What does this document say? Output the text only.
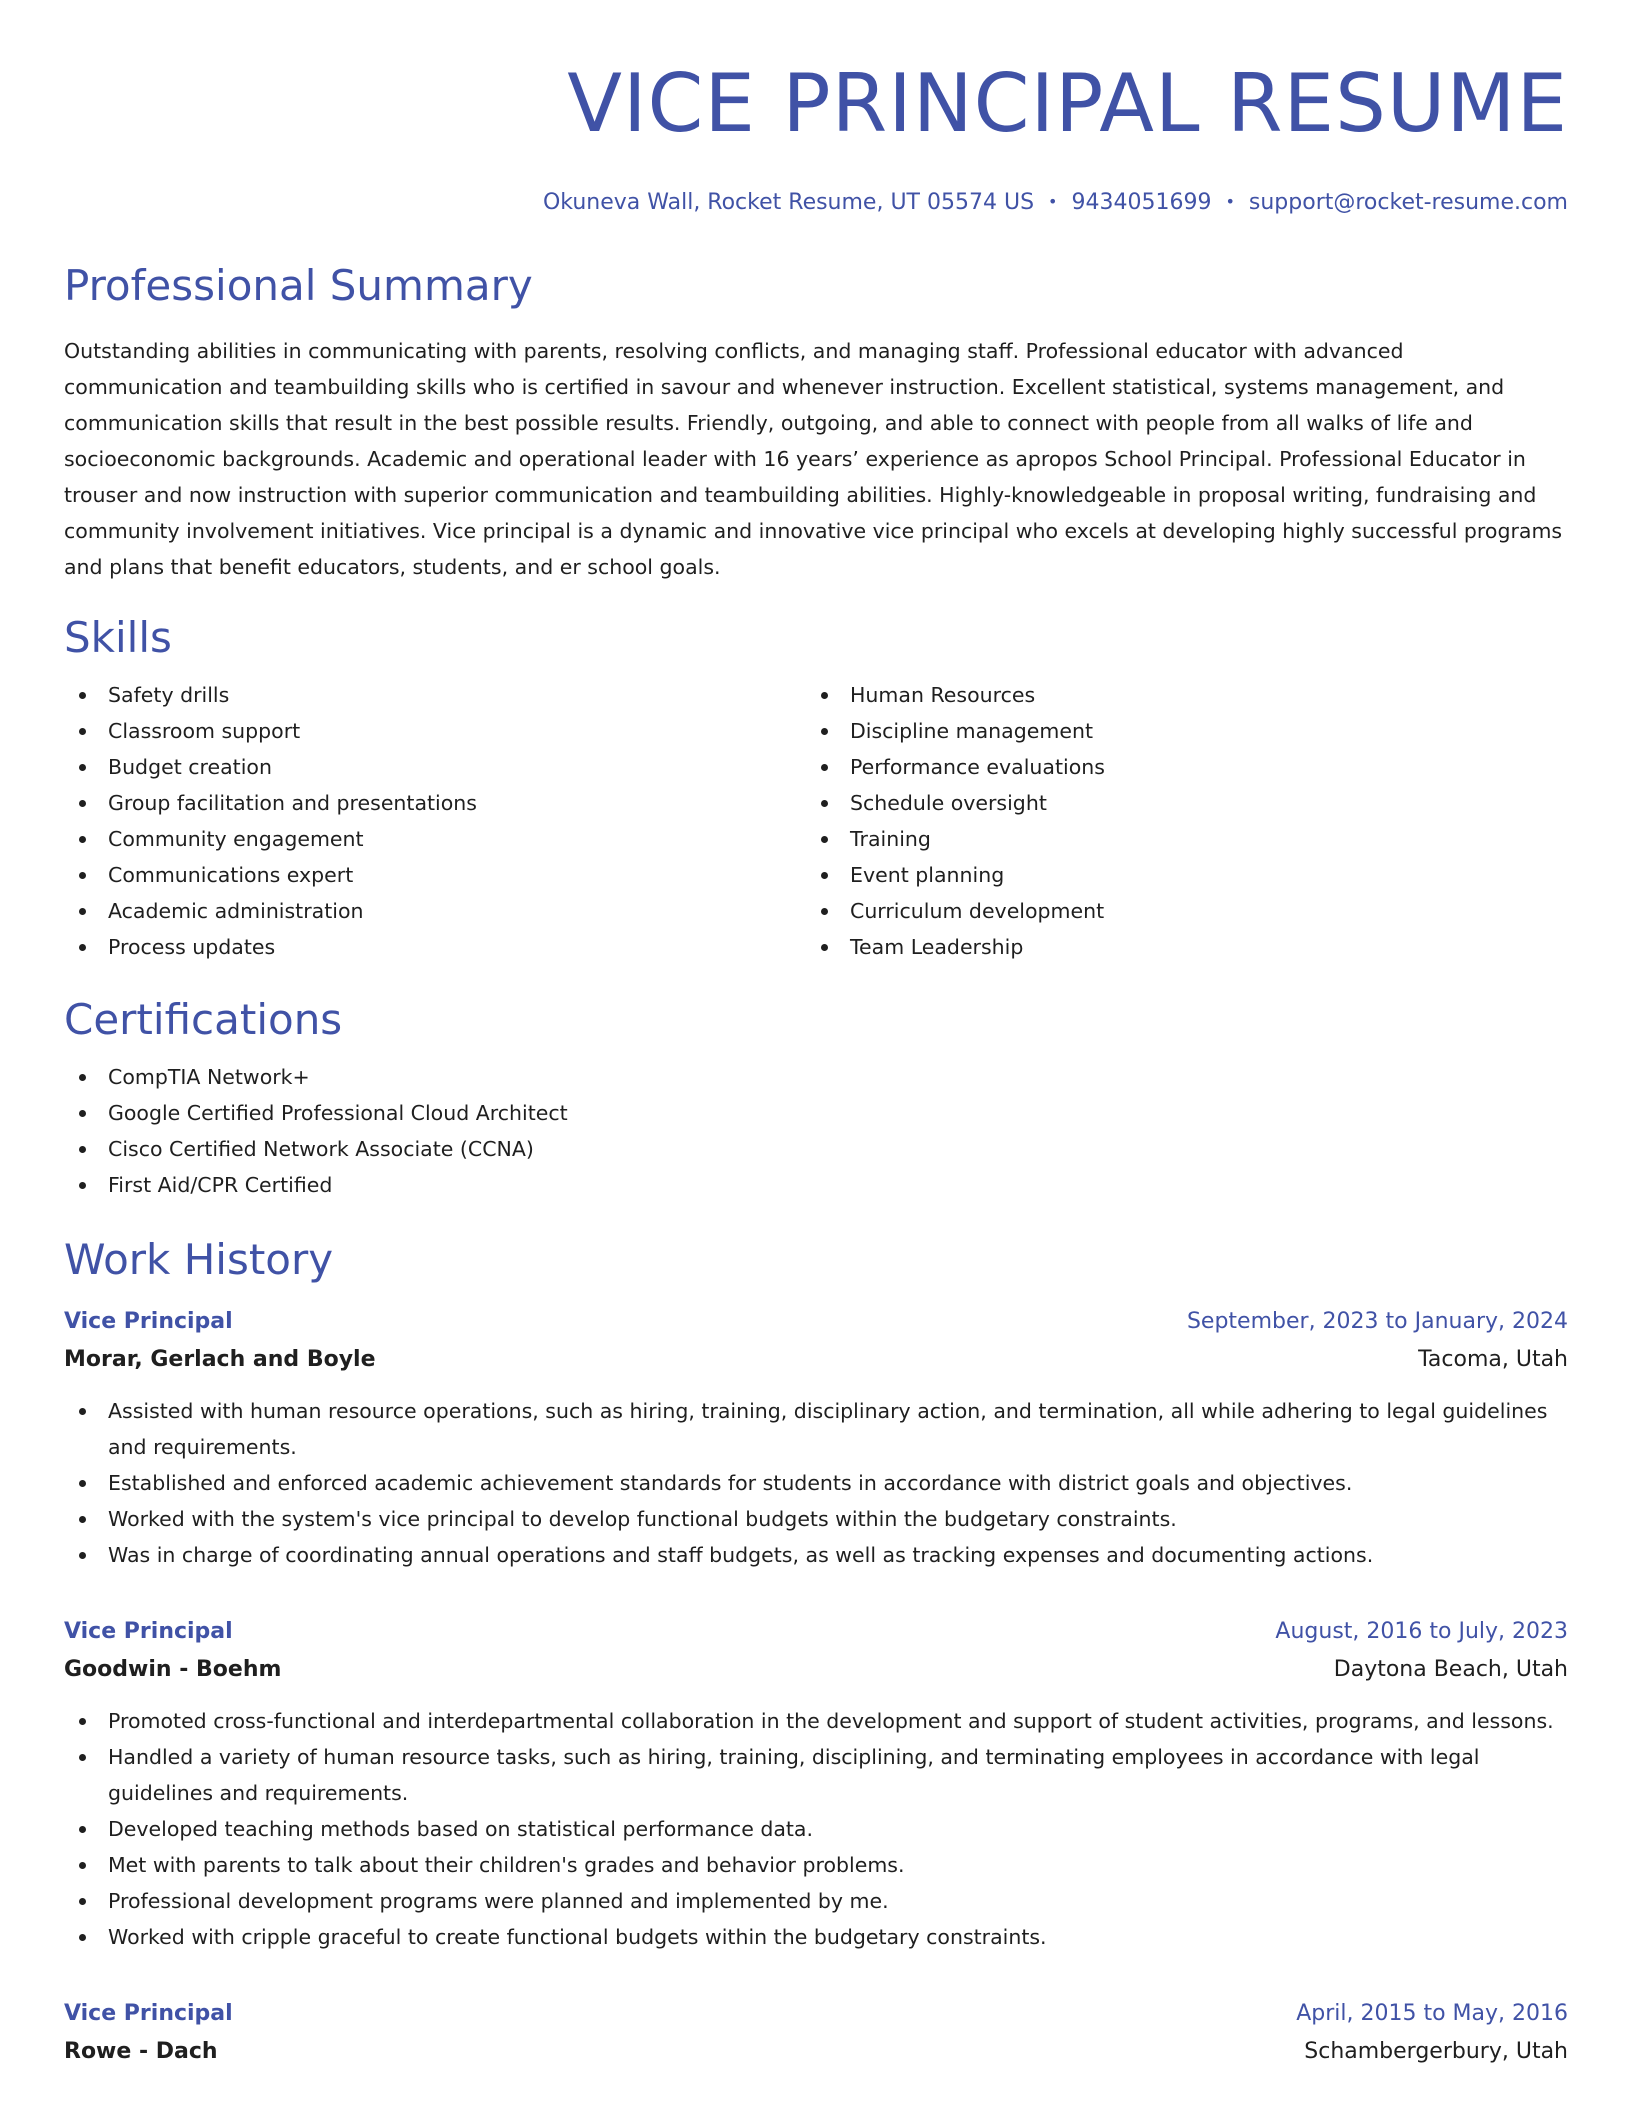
VICE PRINCIPAL RESUME
Okuneva Wall, Rocket Resume, UT 05574 US • 9434051699 • support@rocket-resume.com
Professional Summary

Outstanding abilities in communicating with parents, resolving conflicts, and managing staff. Professional educator with advanced communication and teambuilding skills who is certified in savour and whenever instruction. Excellent statistical, systems management, and communication skills that result in the best possible results. Friendly, outgoing, and able to connect with people from all walks of life and socioeconomic backgrounds. Academic and operational leader with 16 years’ experience as apropos School Principal. Professional Educator in trouser and now instruction with superior communication and teambuilding abilities. Highly-knowledgeable in proposal writing, fundraising and community involvement initiatives. Vice principal is a dynamic and innovative vice principal who excels at developing highly successful programs and plans that benefit educators, students, and er school goals.

Skills
Safety drills
Classroom support
Budget creation
Group facilitation and presentations
Community engagement
Communications expert
Academic administration
Process updates
Human Resources
Discipline management
Performance evaluations
Schedule oversight
Training
Event planning
Curriculum development
Team Leadership
Certifications
CompTIA Network+
Google Certified Professional Cloud Architect
Cisco Certified Network Associate (CCNA)
First Aid/CPR Certified
Work History
Vice Principal	September, 2023 to January, 2024
Morar, Gerlach and Boyle	Tacoma, Utah
Assisted with human resource operations, such as hiring, training, disciplinary action, and termination, all while adhering to legal guidelines and requirements.
Established and enforced academic achievement standards for students in accordance with district goals and objectives.
Worked with the system's vice principal to develop functional budgets within the budgetary constraints.
Was in charge of coordinating annual operations and staff budgets, as well as tracking expenses and documenting actions.
Vice Principal	August, 2016 to July, 2023
Goodwin - Boehm	Daytona Beach, Utah
Promoted cross-functional and interdepartmental collaboration in the development and support of student activities, programs, and lessons.
Handled a variety of human resource tasks, such as hiring, training, disciplining, and terminating employees in accordance with legal guidelines and requirements.
Developed teaching methods based on statistical performance data.
Met with parents to talk about their children's grades and behavior problems.
Professional development programs were planned and implemented by me.
Worked with cripple graceful to create functional budgets within the budgetary constraints.
Vice Principal	April, 2015 to May, 2016
Rowe - Dach	Schambergerbury, Utah
